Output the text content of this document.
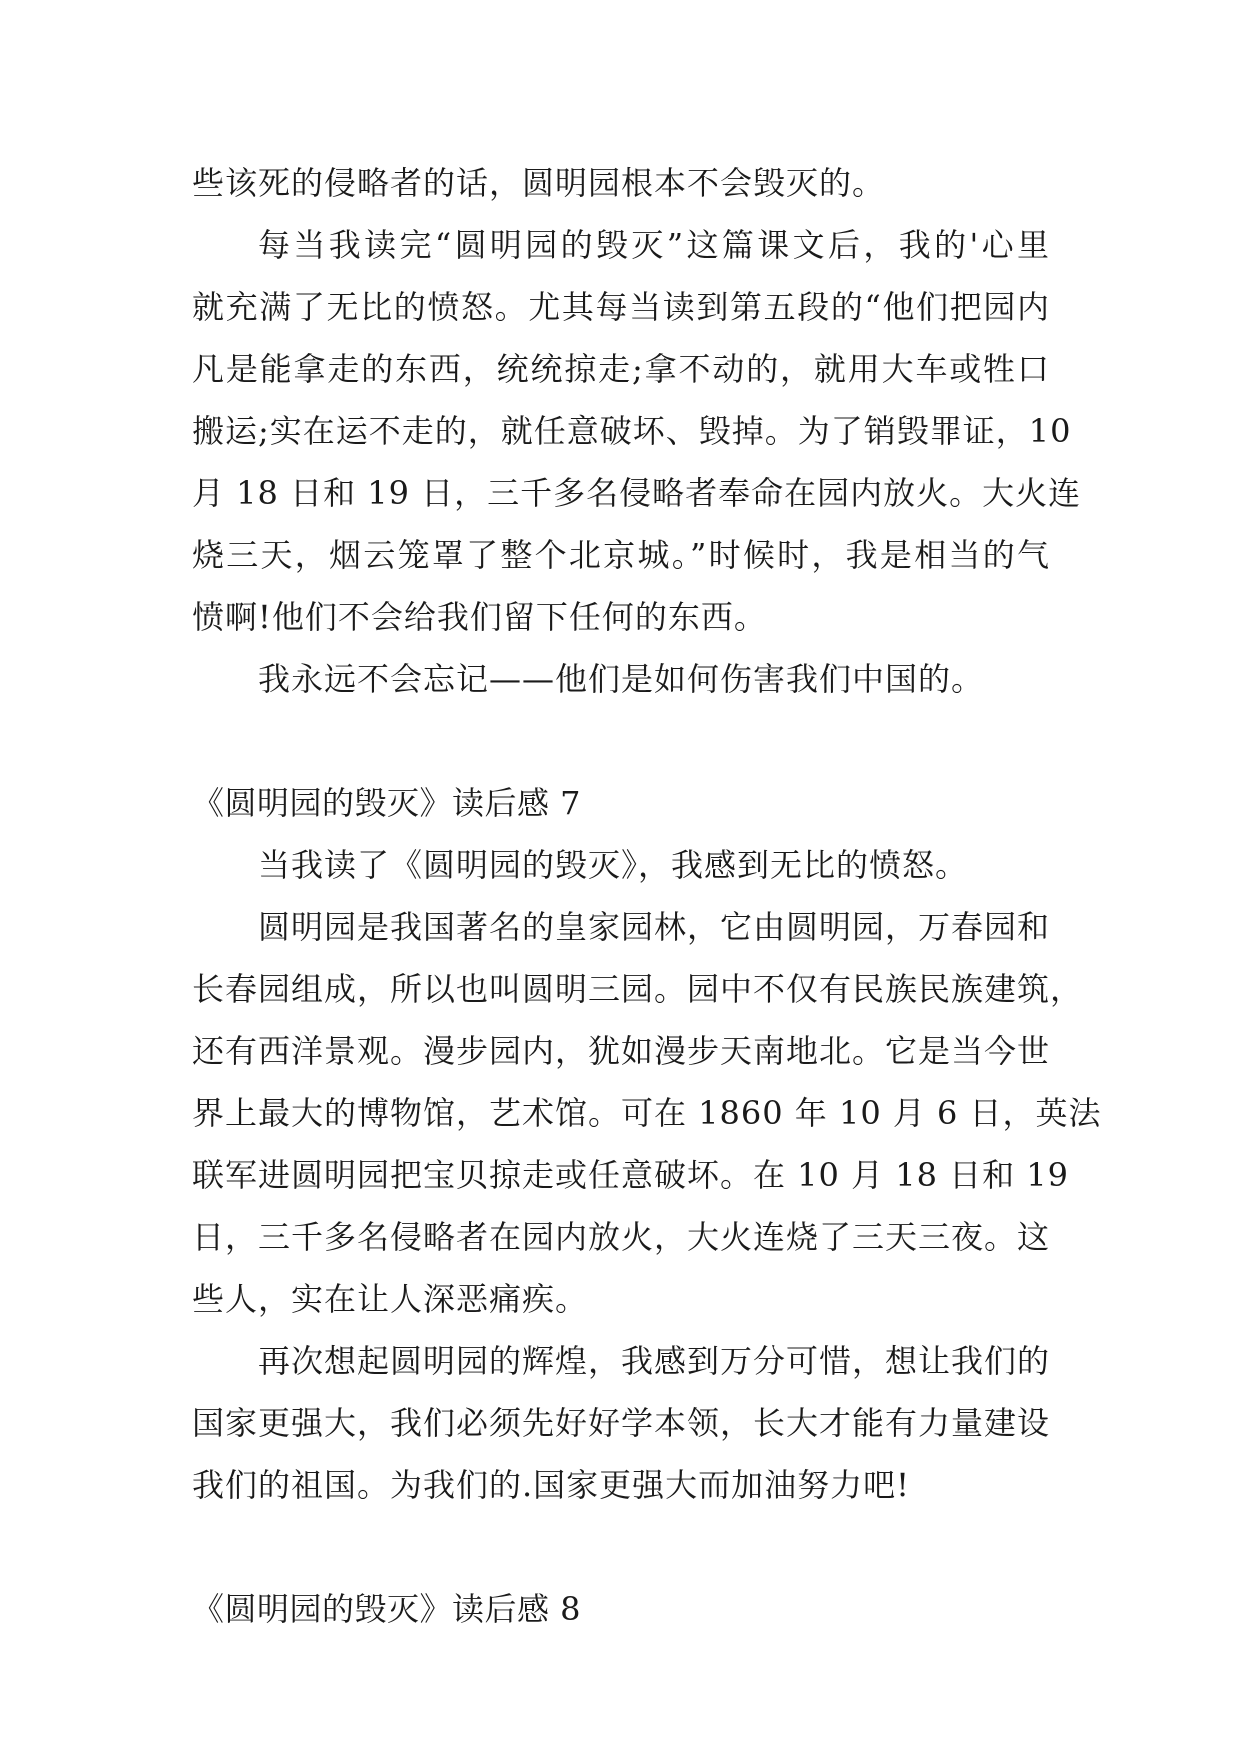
些该死的侵略者的话，圆明园根本不会毁灭的。
每当我读完“圆明园的毁灭”这篇课文后，我的'心里
就充满了无比的愤怒。尤其每当读到第五段的“他们把园内
凡是能拿走的东西，统统掠走;拿不动的，就用大车或牲口
搬运;实在运不走的，就任意破坏、毁掉。为了销毁罪证，10
月 18 日和 19 日，三千多名侵略者奉命在园内放火。大火连
烧三天，烟云笼罩了整个北京城。”时候时，我是相当的气
愤啊!他们不会给我们留下任何的东西。
我永远不会忘记——他们是如何伤害我们中国的。
《圆明园的毁灭》读后感 7
当我读了《圆明园的毁灭》，我感到无比的愤怒。
圆明园是我国著名的皇家园林，它由圆明园，万春园和
长春园组成，所以也叫圆明三园。园中不仅有民族民族建筑，
还有西洋景观。漫步园内，犹如漫步天南地北。它是当今世
界上最大的博物馆，艺术馆。可在 1860 年 10 月 6 日，英法
联军进圆明园把宝贝掠走或任意破坏。在 10 月 18 日和 19
日，三千多名侵略者在园内放火，大火连烧了三天三夜。这
些人，实在让人深恶痛疾。
再次想起圆明园的辉煌，我感到万分可惜，想让我们的
国家更强大，我们必须先好好学本领，长大才能有力量建设
我们的祖国。为我们的.国家更强大而加油努力吧!
《圆明园的毁灭》读后感 8
